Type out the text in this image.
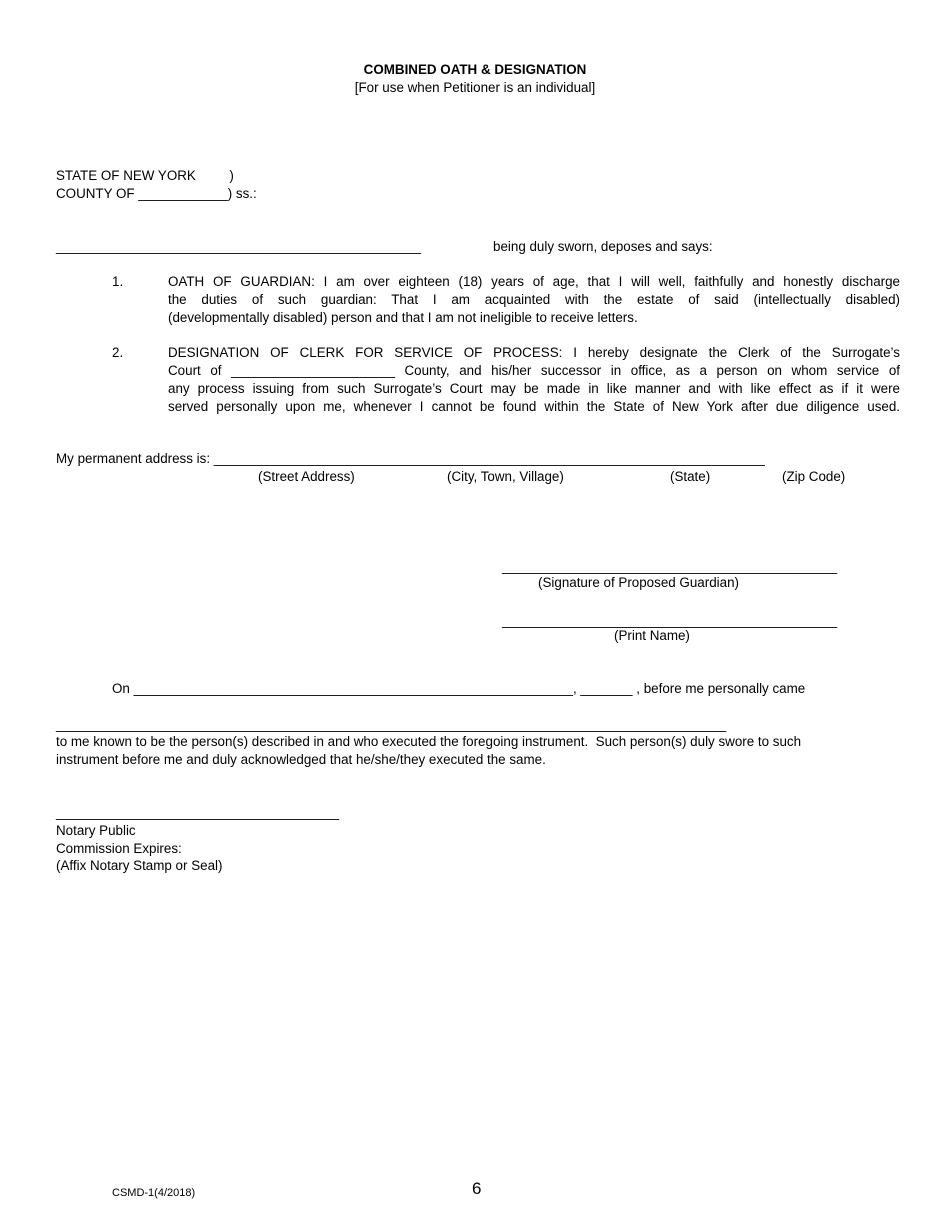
COMBINED OATH & DESIGNATION
[For use when Petitioner is an individual]
STATE OF NEW YORK         )
COUNTY OF ____________) ss.:
_________________________________________________	being duly sworn, deposes and says:
1.	OATH OF GUARDIAN: I am over eighteen (18) years of age, that I will well, faithfully and honestly discharge
the duties of such guardian: That I am acquainted with the estate of said (intellectually disabled)
(developmentally disabled) person and that I am not ineligible to receive letters.
2.	DESIGNATION OF CLERK FOR SERVICE OF PROCESS: I hereby designate the Clerk of the Surrogate’s
Court of ______________________ County, and his/her successor in office, as a person on whom service of
any process issuing from such Surrogate’s Court may be made in like manner and with like effect as if it were
served personally upon me, whenever I cannot be found within the State of New York after due diligence used.
My permanent address is: __________________________________________________________________________
(Street Address)	(City, Town, Village)	(State)	(Zip Code)
_____________________________________________
(Signature of Proposed Guardian)
_____________________________________________
(Print Name)
On ___________________________________________________________, _______ , before me personally came
__________________________________________________________________________________________
to me known to be the person(s) described in and who executed the foregoing instrument.  Such person(s) duly swore to such
instrument before me and duly acknowledged that he/she/they executed the same.
______________________________________
Notary Public
Commission Expires:
(Affix Notary Stamp or Seal)
CSMD-1(4/2018)	6
